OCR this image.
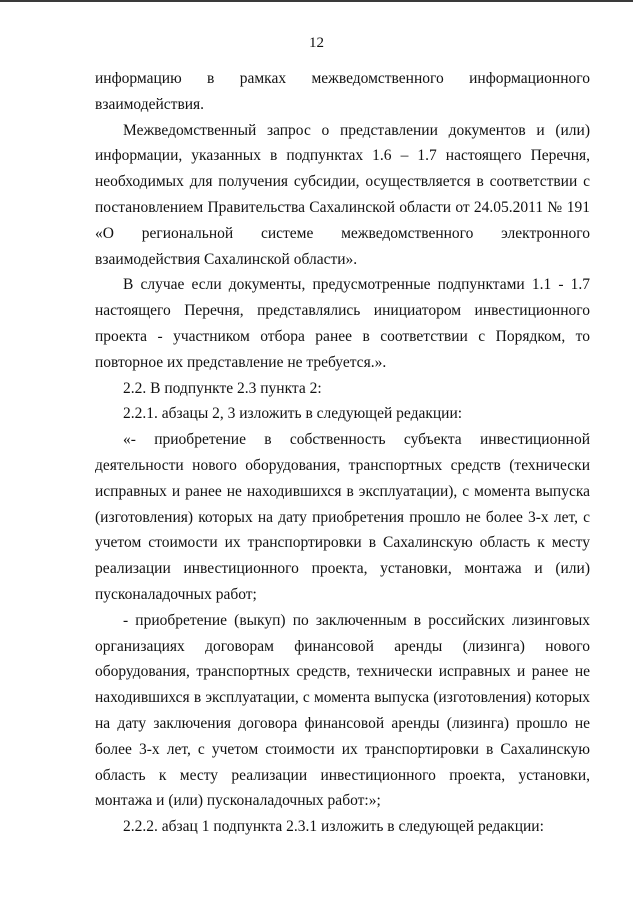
12

информацию в рамках межведомственного информационного взаимодействия.

Межведомственный запрос о представлении документов и (или) информации, указанных в подпунктах 1.6 – 1.7 настоящего Перечня, необходимых для получения субсидии, осуществляется в соответствии с постановлением Правительства Сахалинской области от 24.05.2011 № 191 «О региональной системе межведомственного электронного взаимодействия Сахалинской области».

В случае если документы, предусмотренные подпунктами 1.1 - 1.7 настоящего Перечня, представлялись инициатором инвестиционного проекта - участником отбора ранее в соответствии с Порядком, то повторное их представление не требуется.».

2.2. В подпункте 2.3 пункта 2:

2.2.1. абзацы 2, 3 изложить в следующей редакции:

«- приобретение в собственность субъекта инвестиционной деятельности нового оборудования, транспортных средств (технически исправных и ранее не находившихся в эксплуатации), с момента выпуска (изготовления) которых на дату приобретения прошло не более 3-х лет, с учетом стоимости их транспортировки в Сахалинскую область к месту реализации инвестиционного проекта, установки, монтажа и (или) пусконаладочных работ;

- приобретение (выкуп) по заключенным в российских лизинговых организациях договорам финансовой аренды (лизинга) нового оборудования, транспортных средств, технически исправных и ранее не находившихся в эксплуатации, с момента выпуска (изготовления) которых на дату заключения договора финансовой аренды (лизинга) прошло не более 3-х лет, с учетом стоимости их транспортировки в Сахалинскую область к месту реализации инвестиционного проекта, установки, монтажа и (или) пусконаладочных работ:»;

2.2.2. абзац 1 подпункта 2.3.1 изложить в следующей редакции:
